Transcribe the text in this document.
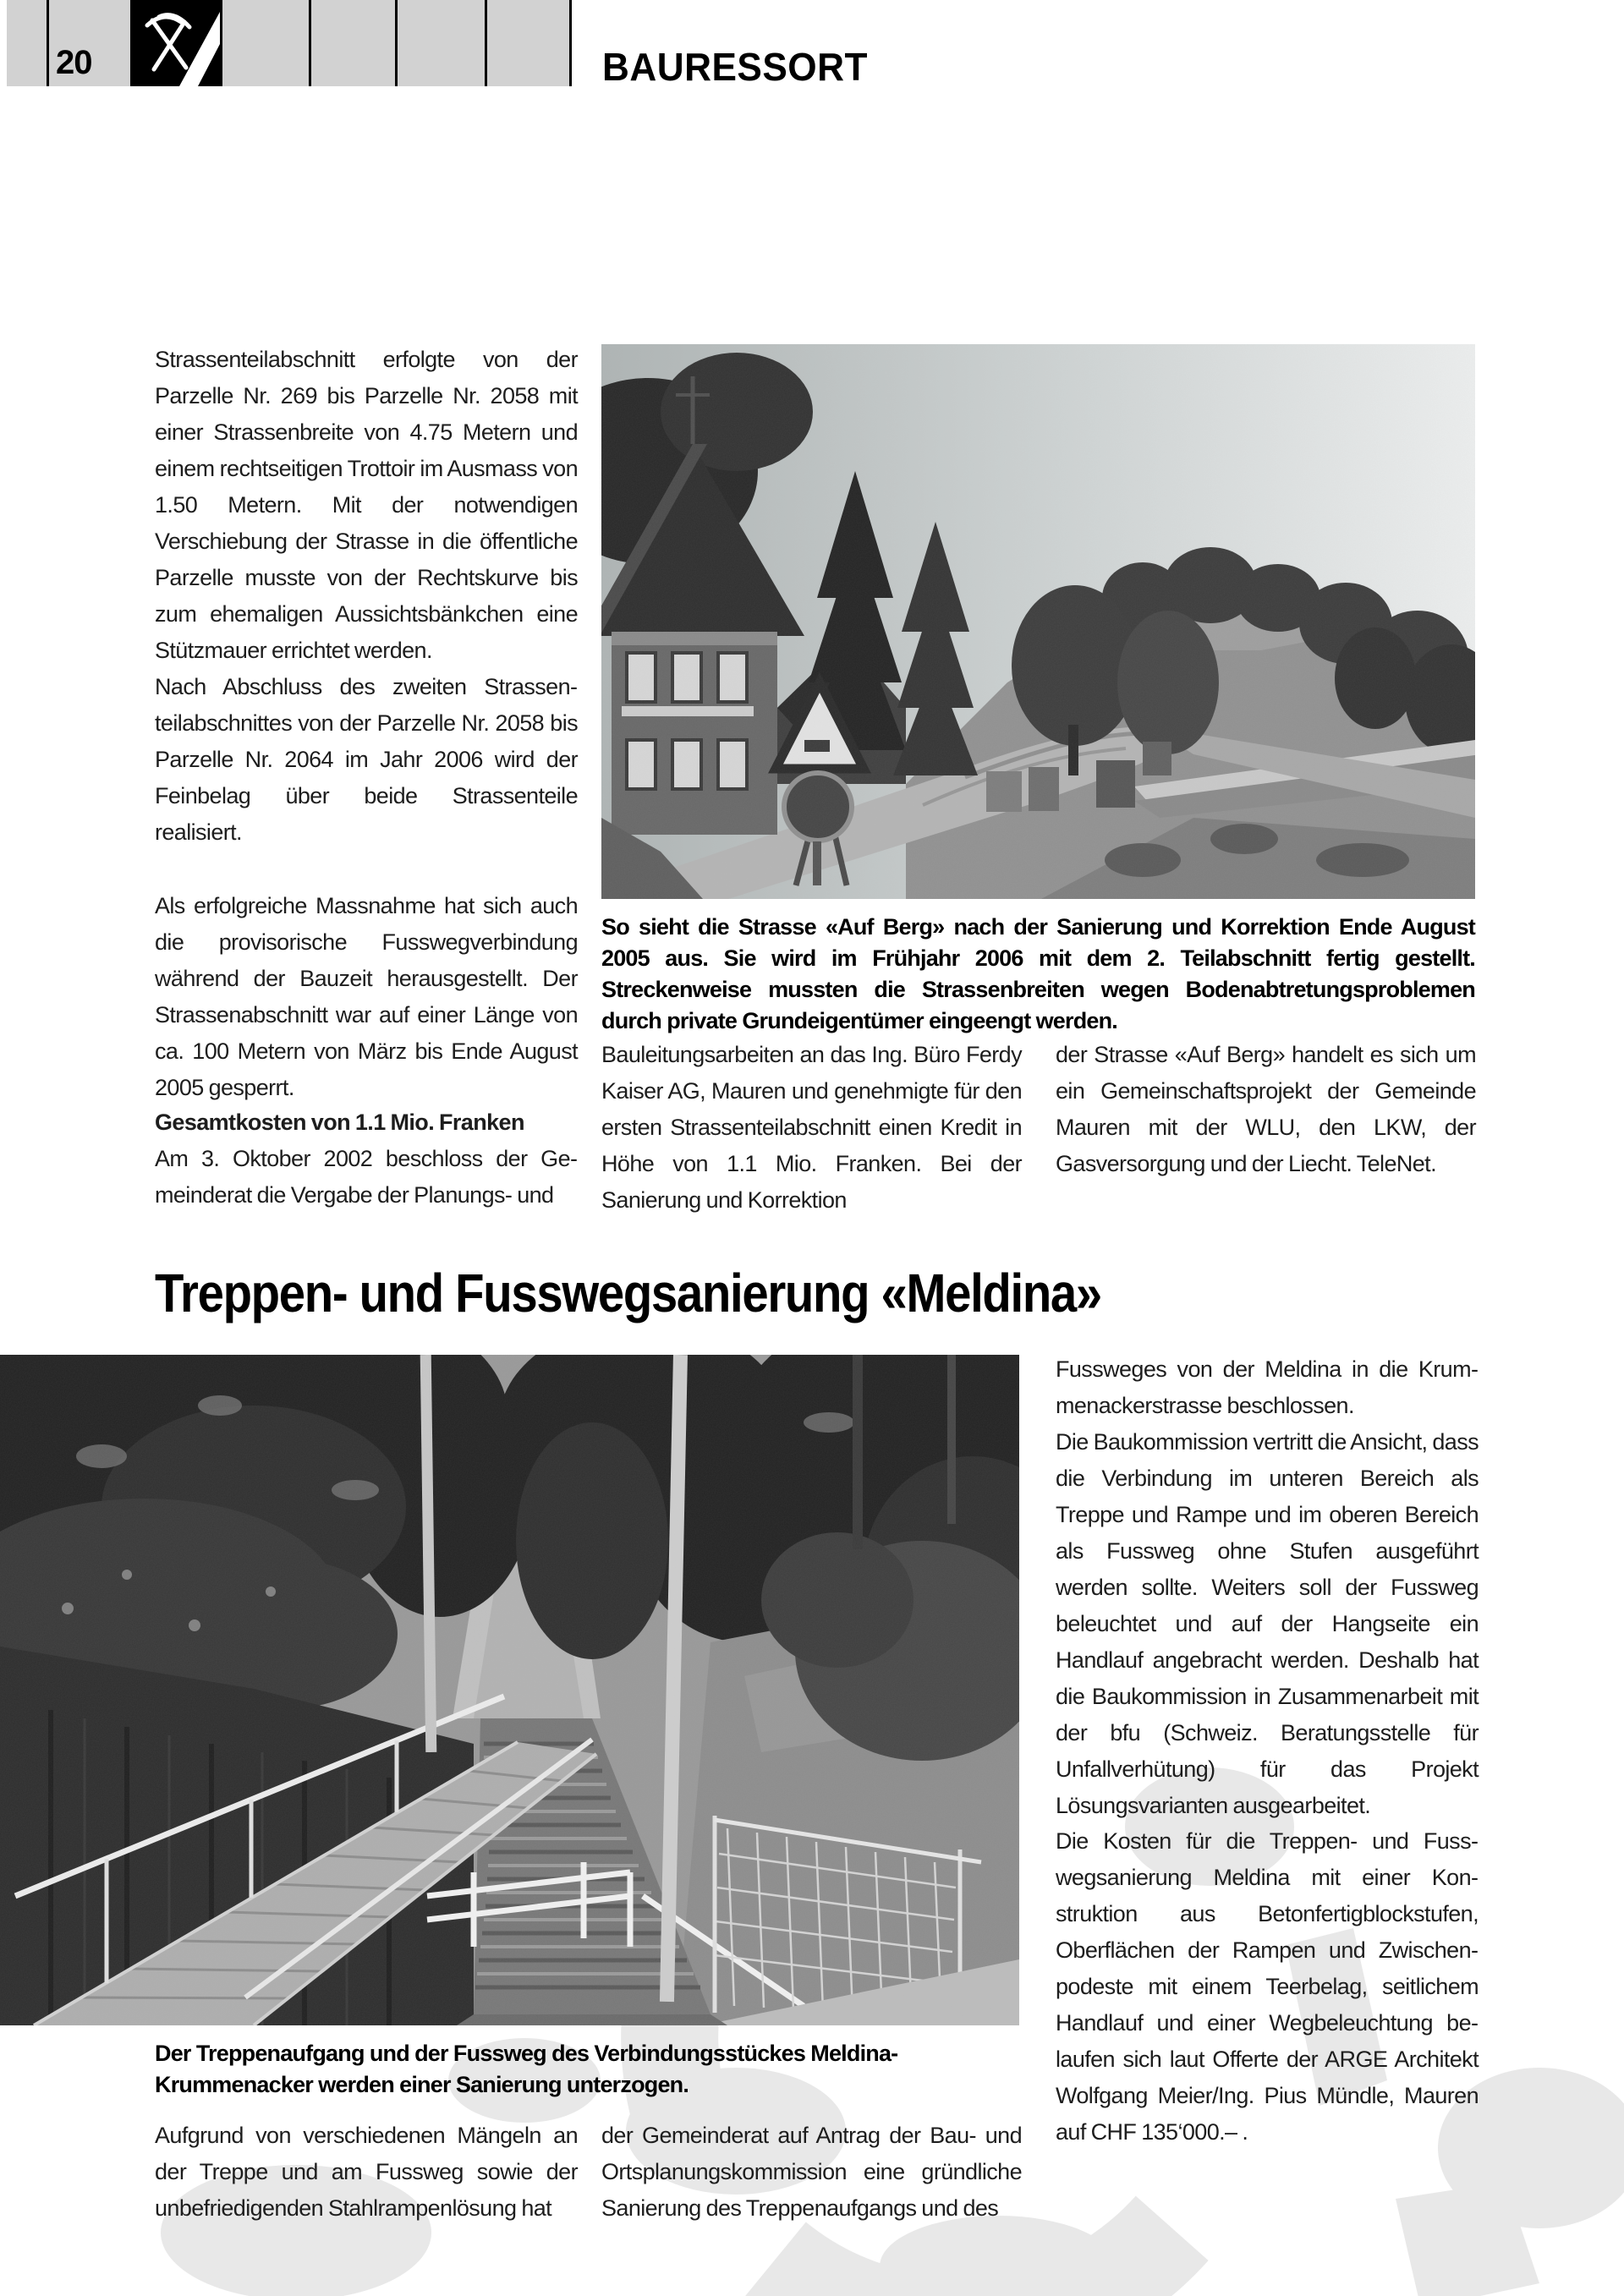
20	BAURESSORT

Strassenteilabschnitt erfolgte von der Parzelle Nr. 269 bis Parzelle Nr. 2058 mit einer Strassenbreite von 4.75 Metern und einem rechtseitigen Trottoir im Ausmass von 1.50 Metern. Mit der notwendigen Verschiebung der Strasse in die öffentliche Parzelle musste von der Rechtskurve bis zum ehemaligen Aussichtsbänkchen eine Stützmauer errichtet werden.

Nach Abschluss des zweiten Strassenteilabschnittes von der Parzelle Nr. 2058 bis Parzelle Nr. 2064 im Jahr 2006 wird der Feinbelag über beide Strassenteile realisiert.

Als erfolgreiche Massnahme hat sich auch die provisorische Fusswegverbindung während der Bauzeit herausgestellt. Der Strassenabschnitt war auf einer Länge von ca. 100 Metern von März bis Ende August 2005 gesperrt.

Gesamtkosten von 1.1 Mio. Franken

Am 3. Oktober 2002 beschloss der Gemeinderat die Vergabe der Planungs- und

So sieht die Strasse «Auf Berg» nach der Sanierung und Korrektion Ende August 2005 aus. Sie wird im Frühjahr 2006 mit dem 2. Teilabschnitt fertig gestellt. Streckenweise mussten die Strassenbreiten wegen Bodenabtretungsproblemen durch private Grundeigentümer eingeengt werden.

Bauleitungsarbeiten an das Ing. Büro Ferdy Kaiser AG, Mauren und genehmigte für den ersten Strassenteilabschnitt einen Kredit in Höhe von 1.1 Mio. Franken. Bei der Sanierung und Korrektion

der Strasse «Auf Berg» handelt es sich um ein Gemeinschaftsprojekt der Gemeinde Mauren mit der WLU, den LKW, der Gasversorgung und der Liecht. TeleNet.

Treppen- und Fusswegsanierung «Meldina»

Fussweges von der Meldina in die Krummenackerstrasse beschlossen.

Die Baukommission vertritt die Ansicht, dass die Verbindung im unteren Bereich als Treppe und Rampe und im oberen Bereich als Fussweg ohne Stufen ausgeführt werden sollte. Weiters soll der Fussweg beleuchtet und auf der Hangseite ein Handlauf angebracht werden. Deshalb hat die Baukommission in Zusammenarbeit mit der bfu (Schweiz. Beratungsstelle für Unfallverhütung) für das Projekt Lösungsvarianten ausgearbeitet.

Die Kosten für die Treppen- und Fusswegsanierung Meldina mit einer Konstruktion aus Betonfertigblockstufen, Oberflächen der Rampen und Zwischenpodeste mit einem Teerbelag, seitlichem Handlauf und einer Wegbeleuchtung belaufen sich laut Offerte der ARGE Architekt Wolfgang Meier/Ing. Pius Mündle, Mauren auf CHF 135‘000.– .

Der Treppenaufgang und der Fussweg des Verbindungsstückes Meldina-Krummenacker werden einer Sanierung unterzogen.

Aufgrund von verschiedenen Mängeln an der Treppe und am Fussweg sowie der unbefriedigenden Stahlrampenlösung hat

der Gemeinderat auf Antrag der Bau- und Ortsplanungskommission eine gründliche Sanierung des Treppenaufgangs und des
